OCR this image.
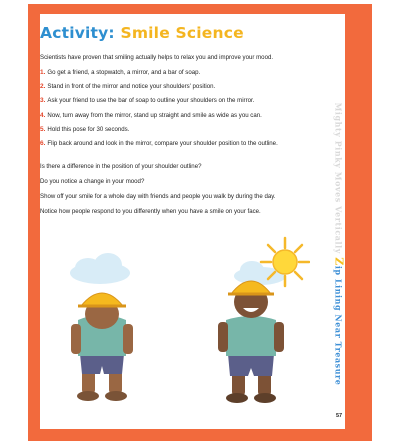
Activity: Smile Science
Scientists have proven that smiling actually helps to relax you and improve your mood.
1. Go get a friend, a stopwatch, a mirror, and a bar of soap.
2. Stand in front of the mirror and notice your shoulders' position.
3. Ask your friend to use the bar of soap to outline your shoulders on the mirror.
4. Now, turn away from the mirror, stand up straight and smile as wide as you can.
5. Hold this pose for 30 seconds.
6. Flip back around and look in the mirror, compare your shoulder position to the outline.
Is there a difference in the position of your shoulder outline?
Do you notice a change in your mood?
Show off your smile for a whole day with friends and people you walk by during the day.
Notice how people respond to you differently when you have a smile on your face.	Mighty Pinky Moves Vertically Zip Lining Near Treasure
57
